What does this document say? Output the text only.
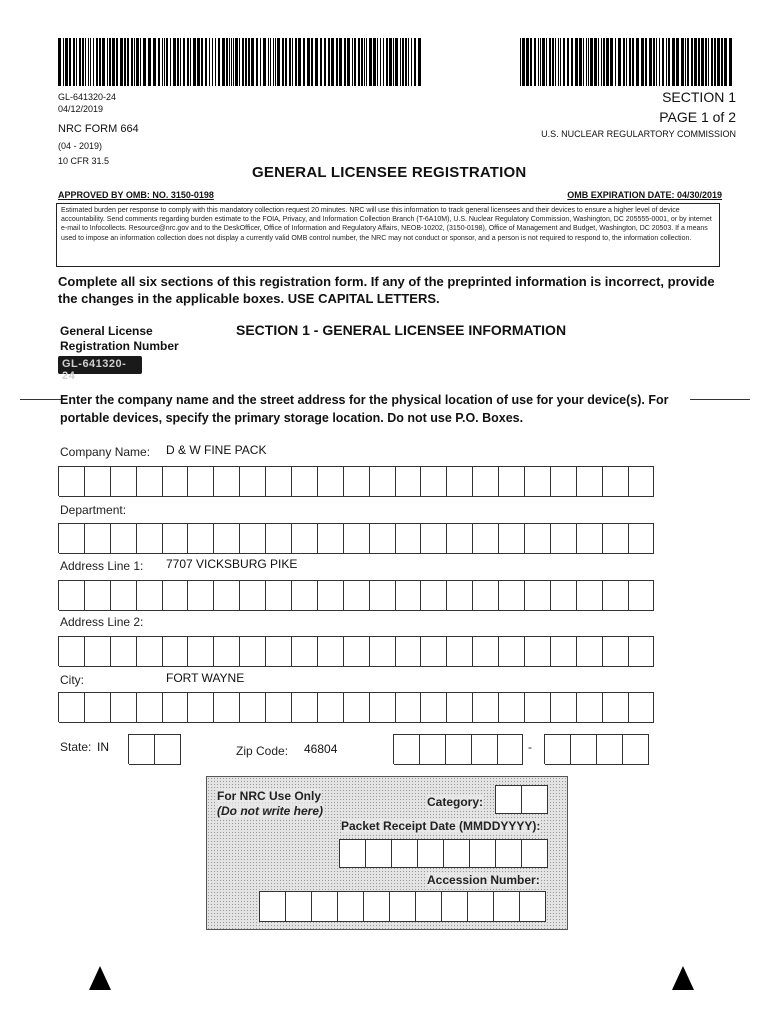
GL-641320-24
04/12/2019
NRC FORM 664
(04 - 2019)
10 CFR 31.5
SECTION 1
PAGE 1 of 2
U.S. NUCLEAR REGULARTORY COMMISSION
GENERAL LICENSEE REGISTRATION
APPROVED BY OMB: NO. 3150-0198	OMB EXPIRATION DATE: 04/30/2019
Estimated burden per response to comply with this mandatory collection request 20 minutes. NRC will use this information to track general licensees and their devices to ensure a higher level of device accountability. Send comments regarding burden estimate to the FOIA, Privacy, and Information Collection Branch (T-6A10M), U.S. Nuclear Regulatory Commission, Washington, DC 205555-0001, or by internet e-mail to Infocollects. Resource@nrc.gov and to the DeskOfficer, Office of Information and Regulatory Affairs, NEOB-10202, (3150-0198), Office of Management and Budget, Washington, DC 20503. If a means used to impose an information collection does not display a currently valid OMB control number, the NRC may not conduct or sponsor, and a person is not required to respond to, the information collection.
Complete all six sections of this registration form. If any of the preprinted information is incorrect, provide the changes in the applicable boxes. USE CAPITAL LETTERS.
General License
Registration Number
GL-641320-24
SECTION 1 - GENERAL LICENSEE INFORMATION
Enter the company name and the street address for the physical location of use for your device(s). For
portable devices, specify the primary storage location. Do not use P.O. Boxes.
Company Name: D & W FINE PACK
Department:
Address Line 1: 7707 VICKSBURG PIKE
Address Line 2:
City:	FORT WAYNE
State: IN	Zip Code: 46804	-
For NRC Use Only
(Do not write here)
Category:
Packet Receipt Date (MMDDYYYY):
Accession Number:
